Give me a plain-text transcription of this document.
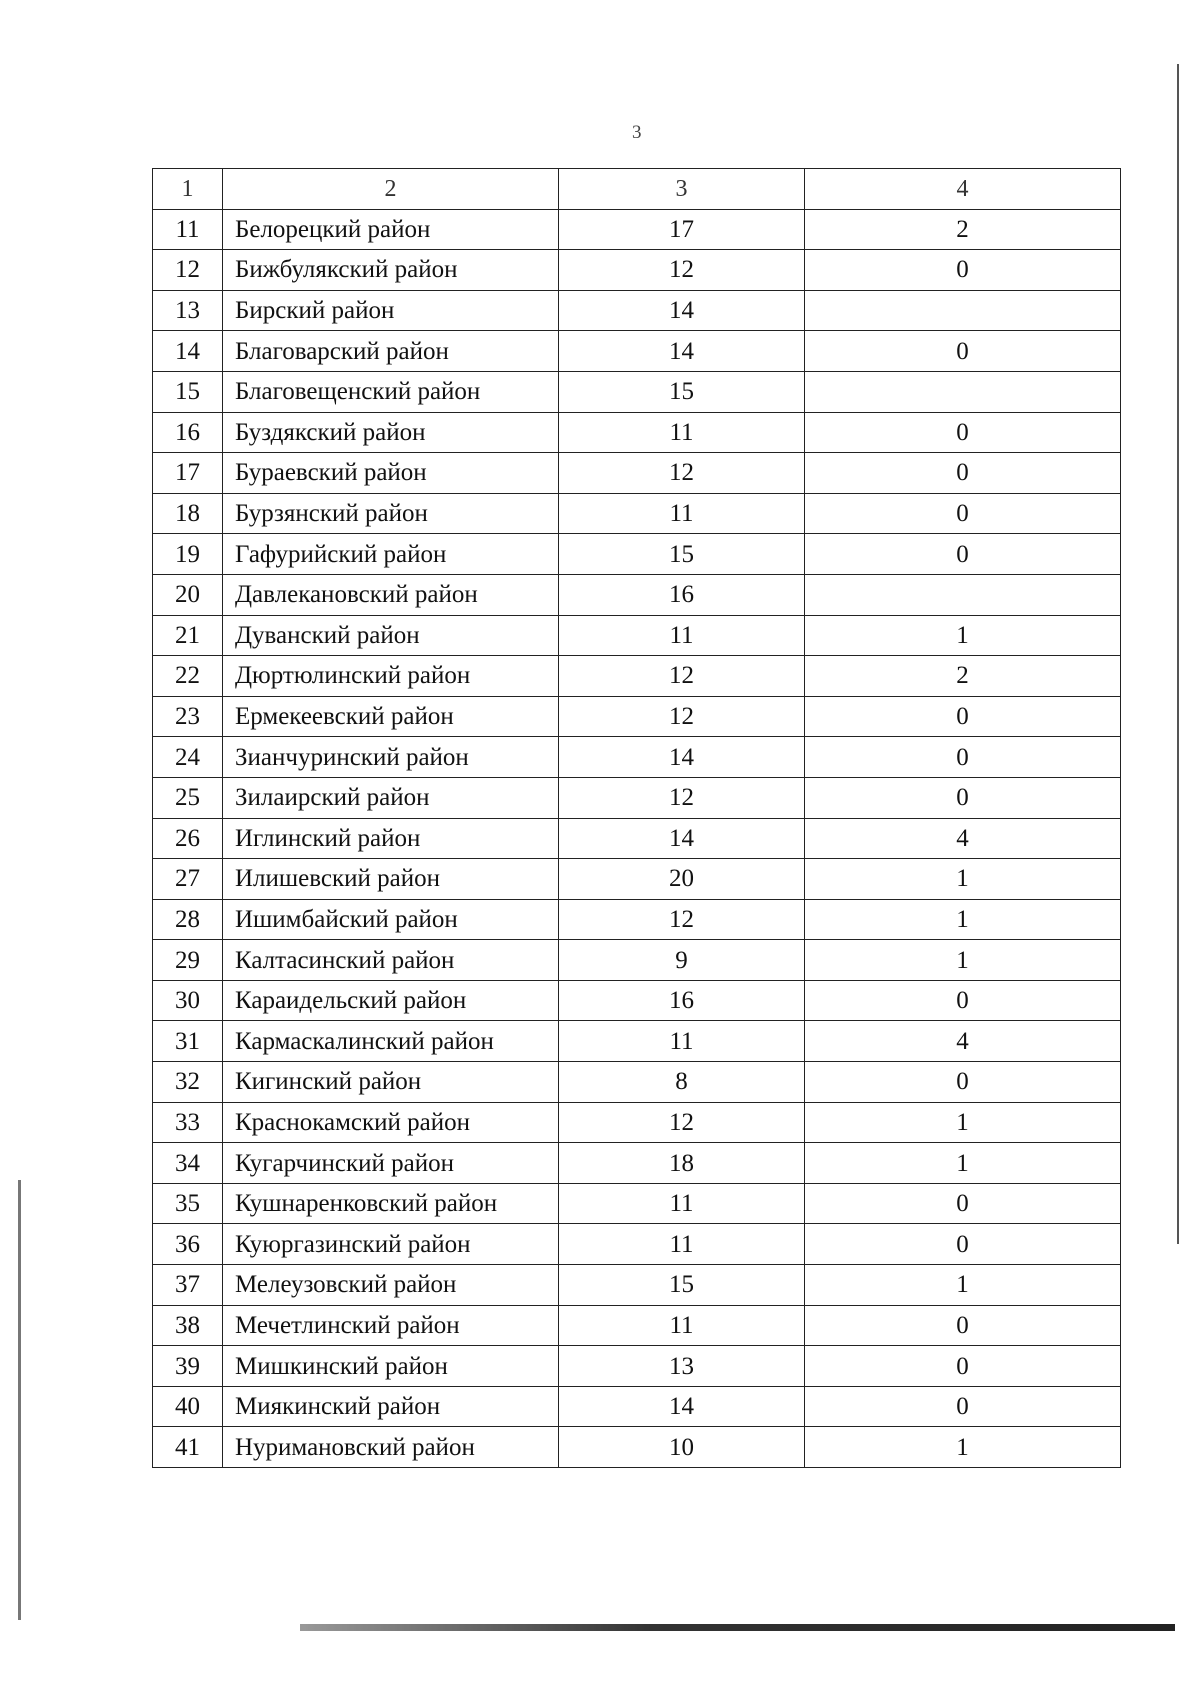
3
1	2	3	4
11	Белорецкий район	17	2
12	Бижбулякский район	12	0
13	Бирский район	14	
14	Благоварский район	14	0
15	Благовещенский район	15	
16	Буздякский район	11	0
17	Бураевский район	12	0
18	Бурзянский район	11	0
19	Гафурийский район	15	0
20	Давлекановский район	16	
21	Дуванский район	11	1
22	Дюртюлинский район	12	2
23	Ермекеевский район	12	0
24	Зианчуринский район	14	0
25	Зилаирский район	12	0
26	Иглинский район	14	4
27	Илишевский район	20	1
28	Ишимбайский район	12	1
29	Калтасинский район	9	1
30	Караидельский район	16	0
31	Кармаскалинский район	11	4
32	Кигинский район	8	0
33	Краснокамский район	12	1
34	Кугарчинский район	18	1
35	Кушнаренковский район	11	0
36	Куюргазинский район	11	0
37	Мелеузовский район	15	1
38	Мечетлинский район	11	0
39	Мишкинский район	13	0
40	Миякинский район	14	0
41	Нуримановский район	10	1
